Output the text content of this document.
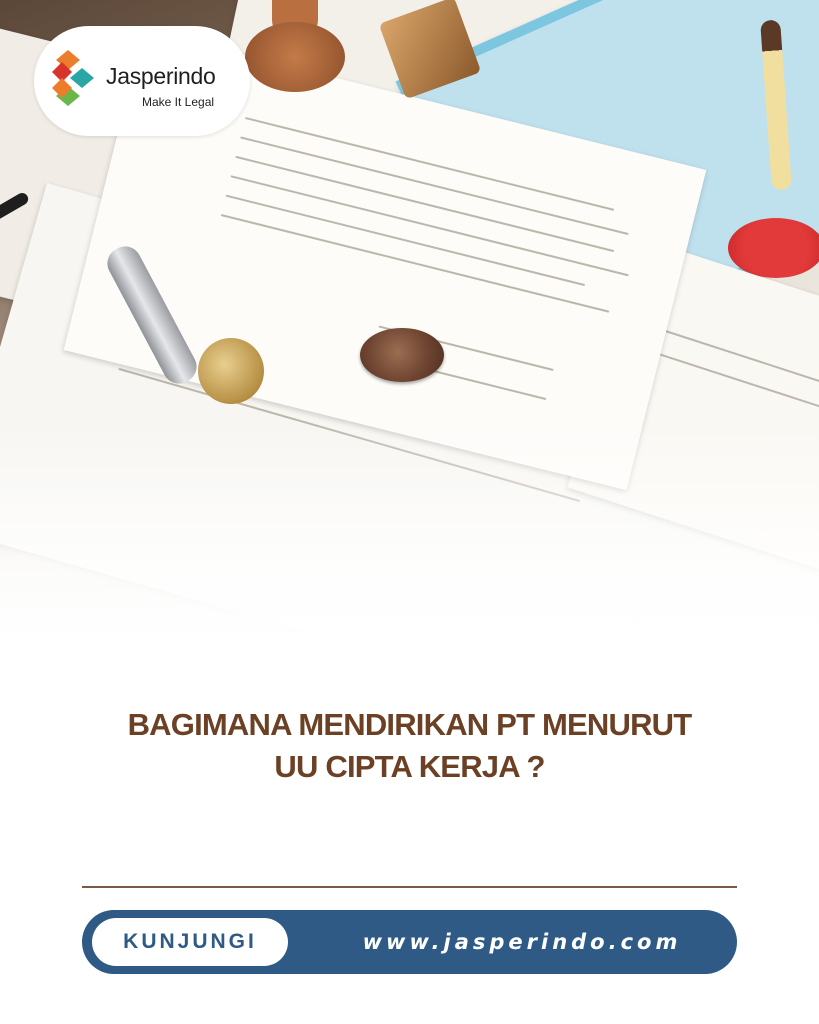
Jasperindo
Make It Legal
BAGIMANA MENDIRIKAN PT MENURUT
UU CIPTA KERJA ?
KUNJUNGI	www.jasperindo.com
